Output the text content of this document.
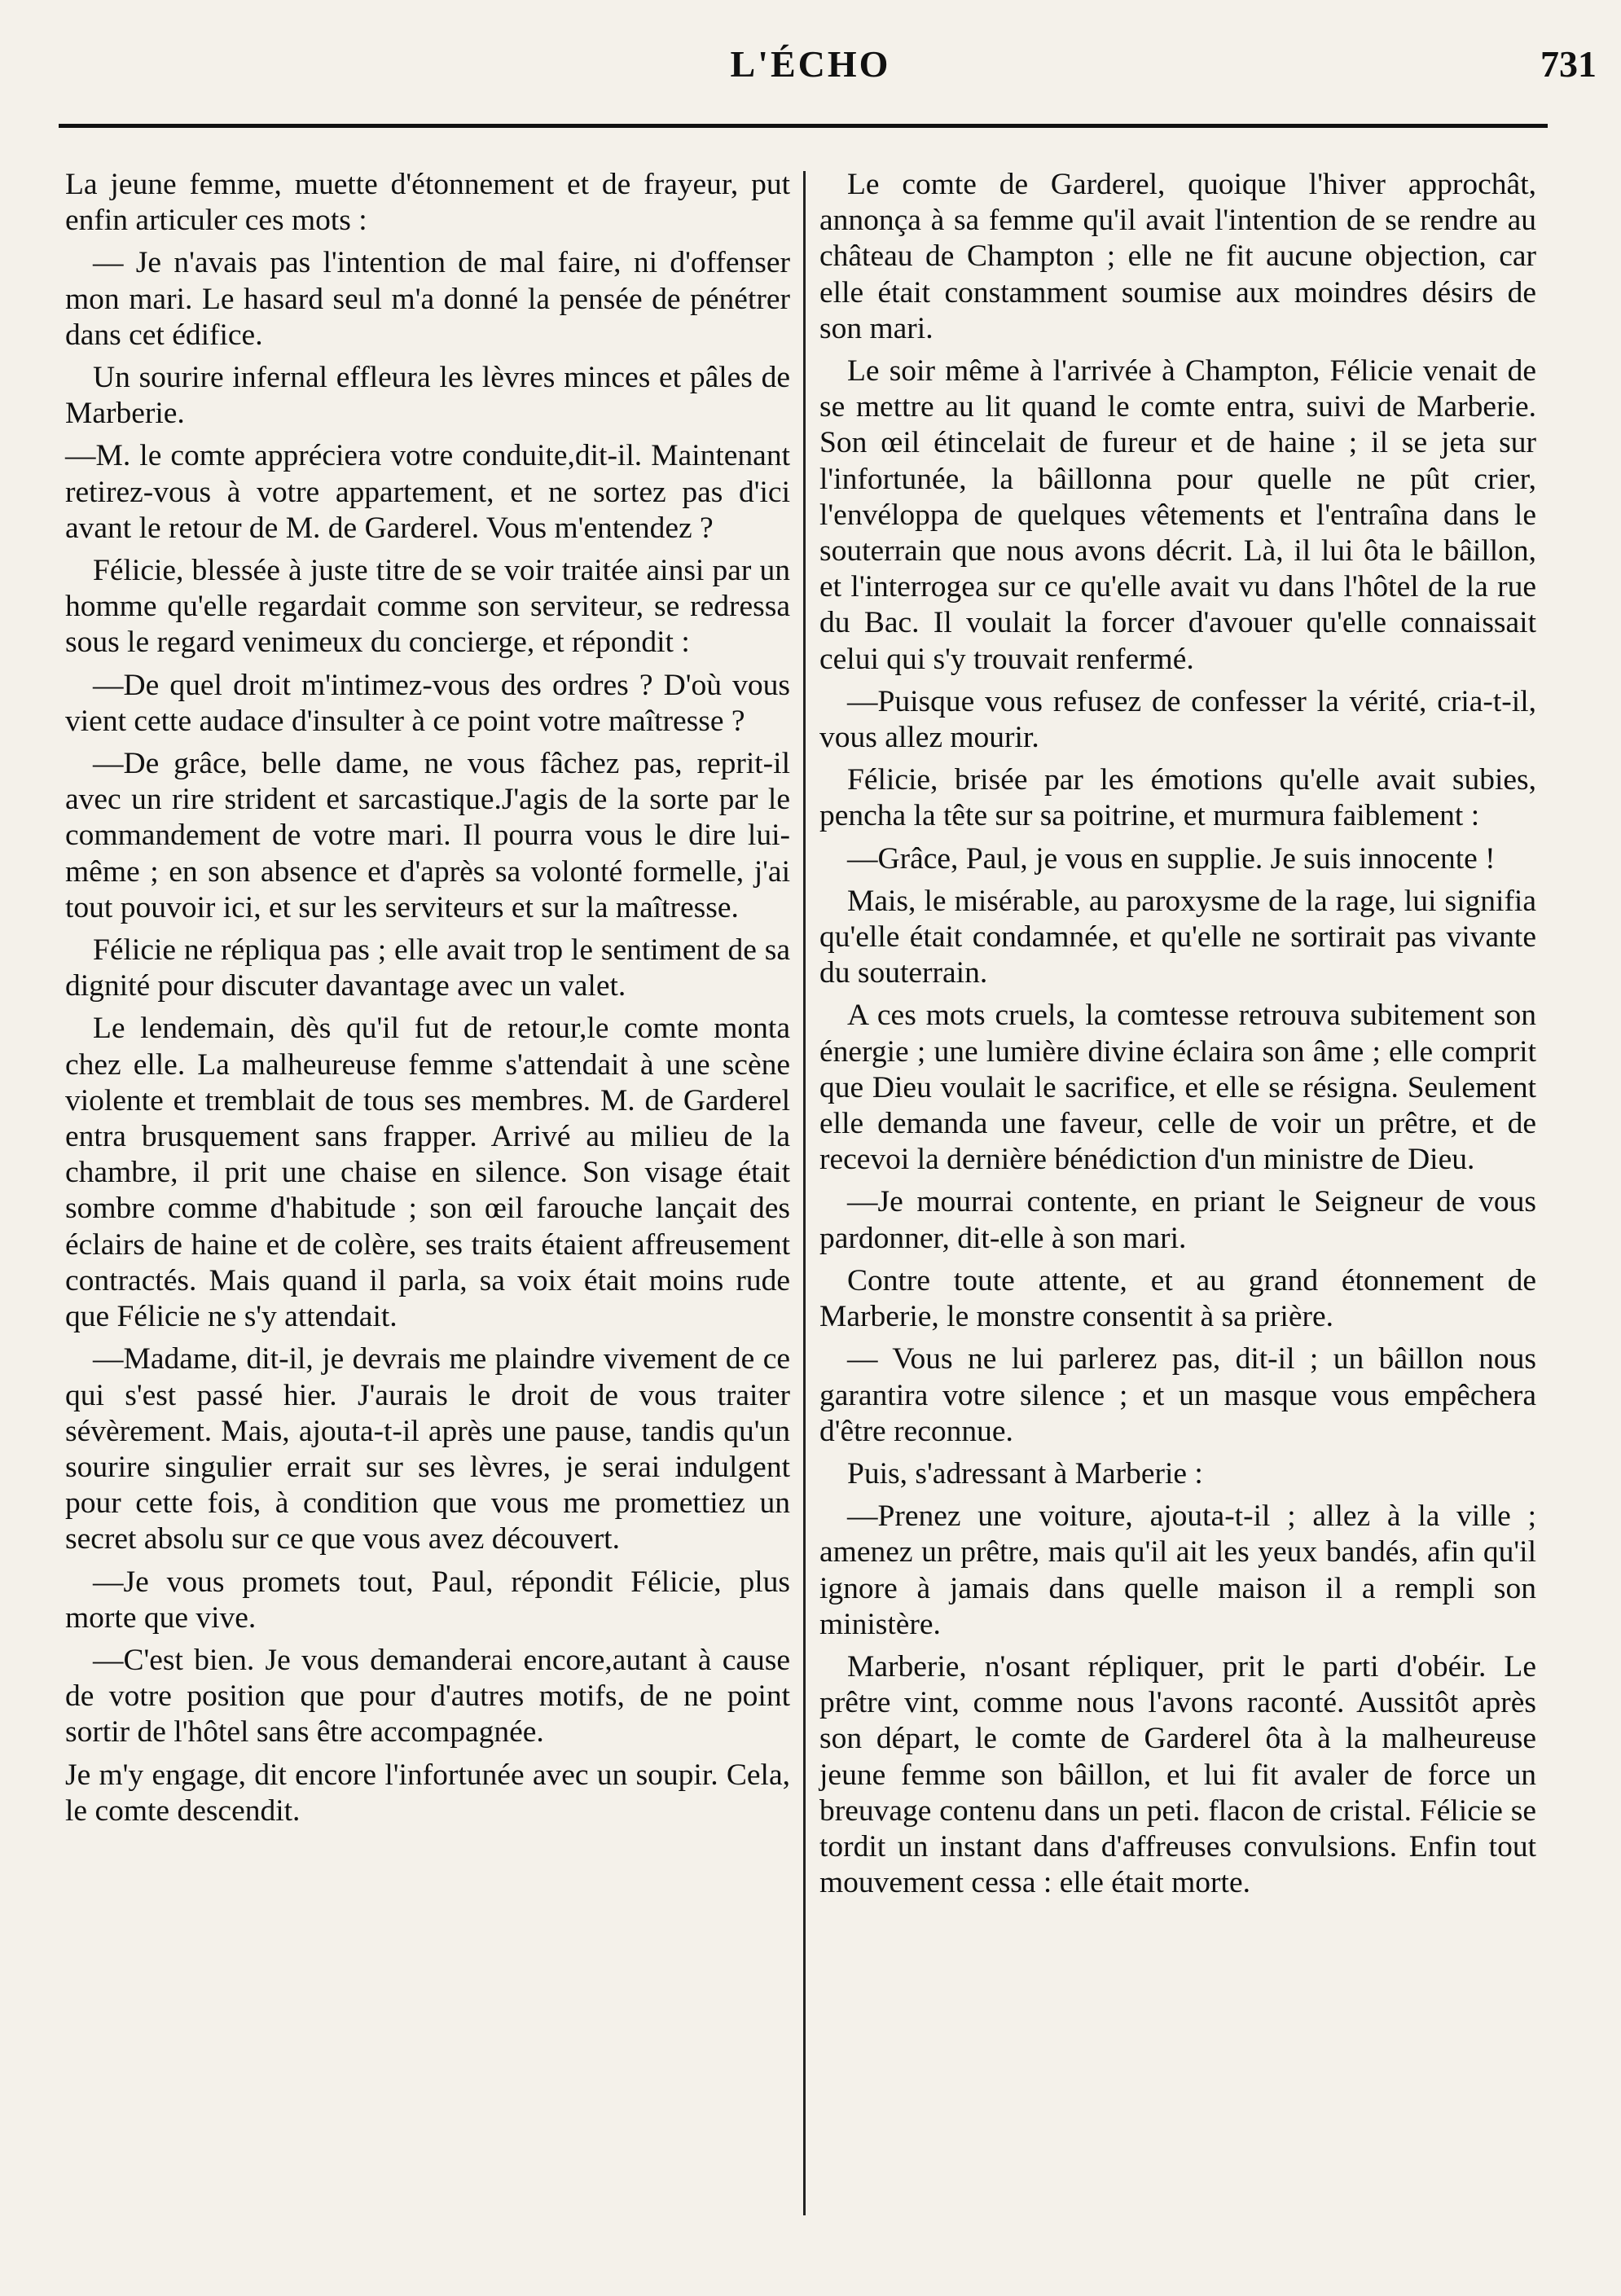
L'ÉCHO	731

La jeune femme, muette d'étonnement et de frayeur, put enfin articuler ces mots :

— Je n'avais pas l'intention de mal faire, ni d'offenser mon mari. Le hasard seul m'a donné la pensée de pénétrer dans cet édifice.

Un sourire infernal effleura les lèvres minces et pâles de Marberie.

—M. le comte appréciera votre conduite,dit-il. Maintenant retirez-vous à votre appartement, et ne sortez pas d'ici avant le retour de M. de Garderel. Vous m'entendez ?

Félicie, blessée à juste titre de se voir traitée ainsi par un homme qu'elle regardait comme son serviteur, se redressa sous le regard venimeux du concierge, et répondit :

—De quel droit m'intimez-vous des ordres ? D'où vous vient cette audace d'insulter à ce point votre maîtresse ?

—De grâce, belle dame, ne vous fâchez pas, reprit-il avec un rire strident et sarcastique.J'agis de la sorte par le commandement de votre mari. Il pourra vous le dire lui-même ; en son absence et d'après sa volonté formelle, j'ai tout pouvoir ici, et sur les serviteurs et sur la maîtresse.

Félicie ne répliqua pas ; elle avait trop le sentiment de sa dignité pour discuter davantage avec un valet.

Le lendemain, dès qu'il fut de retour,le comte monta chez elle. La malheureuse femme s'attendait à une scène violente et tremblait de tous ses membres. M. de Garderel entra brusquement sans frapper. Arrivé au milieu de la chambre, il prit une chaise en silence. Son visage était sombre comme d'habitude ; son œil farouche lançait des éclairs de haine et de colère, ses traits étaient affreusement contractés. Mais quand il parla, sa voix était moins rude que Félicie ne s'y attendait.

—Madame, dit-il, je devrais me plaindre vivement de ce qui s'est passé hier. J'aurais le droit de vous traiter sévèrement. Mais, ajouta-t-il après une pause, tandis qu'un sourire singulier errait sur ses lèvres, je serai indulgent pour cette fois, à condition que vous me promettiez un secret absolu sur ce que vous avez découvert.

—Je vous promets tout, Paul, répondit Félicie, plus morte que vive.

—C'est bien. Je vous demanderai encore,autant à cause de votre position que pour d'autres motifs, de ne point sortir de l'hôtel sans être accompagnée.

Je m'y engage, dit encore l'infortunée avec un soupir. Cela, le comte descendit.

Le comte de Garderel, quoique l'hiver approchât, annonça à sa femme qu'il avait l'intention de se rendre au château de Champton ; elle ne fit aucune objection, car elle était constamment soumise aux moindres désirs de son mari.

Le soir même à l'arrivée à Champton, Félicie venait de se mettre au lit quand le comte entra, suivi de Marberie. Son œil étincelait de fureur et de haine ; il se jeta sur l'infortunée, la bâillonna pour quelle ne pût crier, l'envéloppa de quelques vêtements et l'entraîna dans le souterrain que nous avons décrit. Là, il lui ôta le bâillon, et l'interrogea sur ce qu'elle avait vu dans l'hôtel de la rue du Bac. Il voulait la forcer d'avouer qu'elle connaissait celui qui s'y trouvait renfermé.

—Puisque vous refusez de confesser la vérité, cria-t-il, vous allez mourir.

Félicie, brisée par les émotions qu'elle avait subies, pencha la tête sur sa poitrine, et murmura faiblement :

—Grâce, Paul, je vous en supplie. Je suis innocente !

Mais, le misérable, au paroxysme de la rage, lui signifia qu'elle était condamnée, et qu'elle ne sortirait pas vivante du souterrain.

A ces mots cruels, la comtesse retrouva subitement son énergie ; une lumière divine éclaira son âme ; elle comprit que Dieu voulait le sacrifice, et elle se résigna. Seulement elle demanda une faveur, celle de voir un prêtre, et de recevoi la dernière bénédiction d'un ministre de Dieu.

—Je mourrai contente, en priant le Seigneur de vous pardonner, dit-elle à son mari.

Contre toute attente, et au grand étonnement de Marberie, le monstre consentit à sa prière.

— Vous ne lui parlerez pas, dit-il ; un bâillon nous garantira votre silence ; et un masque vous empêchera d'être reconnue.

Puis, s'adressant à Marberie :

—Prenez une voiture, ajouta-t-il ; allez à la ville ; amenez un prêtre, mais qu'il ait les yeux bandés, afin qu'il ignore à jamais dans quelle maison il a rempli son ministère.

Marberie, n'osant répliquer, prit le parti d'obéir. Le prêtre vint, comme nous l'avons raconté. Aussitôt après son départ, le comte de Garderel ôta à la malheureuse jeune femme son bâillon, et lui fit avaler de force un breuvage contenu dans un peti. flacon de cristal. Félicie se tordit un instant dans d'affreuses convulsions. Enfin tout mouvement cessa : elle était morte.
